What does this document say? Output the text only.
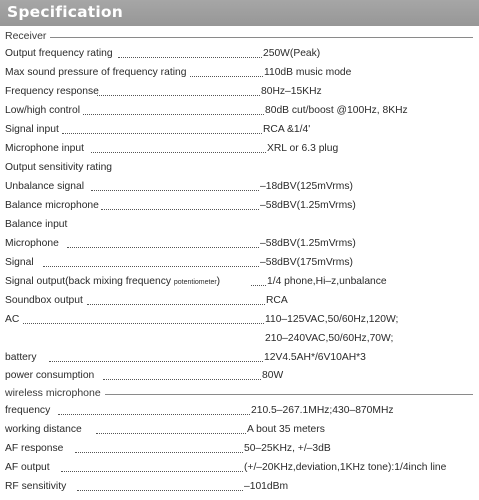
Specification
Receiver
Output frequency rating	250W(Peak)
Max sound pressure of frequency rating	110dB music mode
Frequency response	80Hz–15KHz
Low/high control	80dB cut/boost @100Hz, 8KHz
Signal input	RCA &1/4'
Microphone input	XRL or 6.3 plug
Output sensitivity rating
Unbalance signal	–18dBV(125mVrms)
Balance microphone	–58dBV(1.25mVrms)
Balance input
Microphone	–58dBV(1.25mVrms)
Signal	–58dBV(175mVrms)
Signal output(back mixing frequency potentiometer)	1/4 phone,Hi–z,unbalance
Soundbox output	RCA
AC	110–125VAC,50/60Hz,120W;
210–240VAC,50/60Hz,70W;
battery	12V4.5AH*/6V10AH*3
power consumption	80W
wireless microphone
frequency	210.5–267.1MHz;430–870MHz
working distance	A bout 35 meters
AF response	50–25KHz, +/–3dB
AF output	(+/–20KHz,deviation,1KHz tone):1/4inch line
RF sensitivity	–101dBm
